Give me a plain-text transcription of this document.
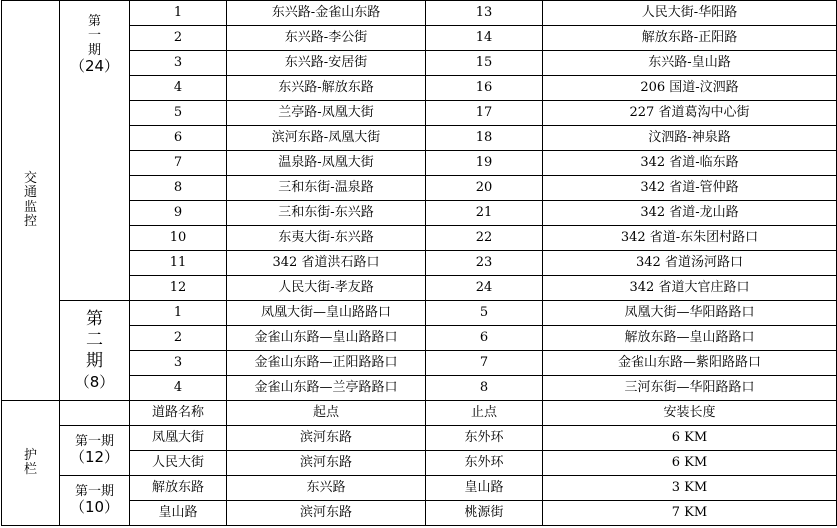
交
通
监
控	第
一
期
（24）	1	东兴路-金雀山东路	13	人民大街-华阳路
		2	东兴路-李公街	14	解放东路-正阳路
		3	东兴路-安居街	15	东兴路-皇山路
		4	东兴路-解放东路	16	206 国道-汶泗路
		5	兰亭路-凤凰大街	17	227 省道葛沟中心街
		6	滨河东路-凤凰大街	18	汶泗路-神泉路
		7	温泉路-凤凰大街	19	342 省道-临东路
		8	三和东街-温泉路	20	342 省道-管仲路
		9	三和东街-东兴路	21	342 省道-龙山路
		10	东夷大街-东兴路	22	342 省道-东朱团村路口
		11	342 省道洪石路口	23	342 省道汤河路口
		12	人民大街-孝友路	24	342 省道大官庄路口

	第
二
期
（8）	1	凤凰大街—皇山路路口	5	凤凰大街—华阳路路口
		2	金雀山东路—皇山路路口	6	解放东路—皇山路路口
		3	金雀山东路—正阳路路口	7	金雀山东路—紫阳路路口
		4	金雀山东路—兰亭路路口	8	三河东街—华阳路路口

护
栏		道路名称	起点	止点	安装长度

	第一期
（12）	凤凰大街	滨河东路	东外环	6 KM
		人民大街	滨河东路	东外环	6 KM

	第一期
（10）	解放东路	东兴路	皇山路	3 KM
		皇山路	滨河东路	桃源街	7 KM
